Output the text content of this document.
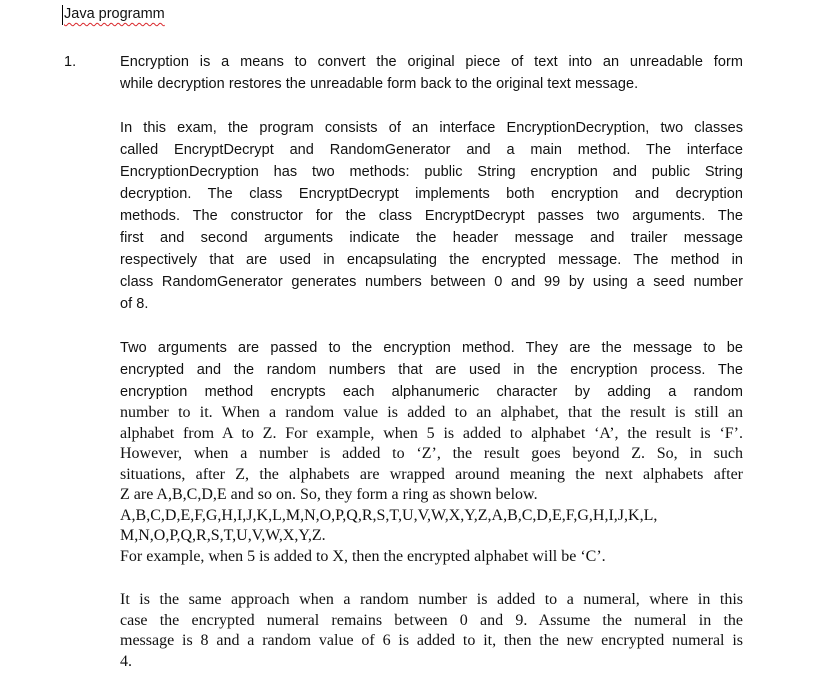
Java programm
1.	Encryption is a means to convert the original piece of text into an unreadable form
while decryption restores the unreadable form back to the original text message.
In this exam, the program consists of an interface EncryptionDecryption, two classes
called EncryptDecrypt and RandomGenerator and a main method. The interface
EncryptionDecryption has two methods: public String encryption and public String
decryption. The class EncryptDecrypt implements both encryption and decryption
methods. The constructor for the class EncryptDecrypt passes two arguments. The
first and second arguments indicate the header message and trailer message
respectively that are used in encapsulating the encrypted message. The method in
class RandomGenerator generates numbers between 0 and 99 by using a seed number
of 8.
Two arguments are passed to the encryption method. They are the message to be
encrypted and the random numbers that are used in the encryption process. The
encryption method encrypts each alphanumeric character by adding a random
number to it. When a random value is added to an alphabet, that the result is still an
alphabet from A to Z. For example, when 5 is added to alphabet ‘A’, the result is ‘F’.
However, when a number is added to ‘Z’, the result goes beyond Z. So, in such
situations, after Z, the alphabets are wrapped around meaning the next alphabets after
Z are A,B,C,D,E and so on. So, they form a ring as shown below.
A,B,C,D,E,F,G,H,I,J,K,L,M,N,O,P,Q,R,S,T,U,V,W,X,Y,Z,A,B,C,D,E,F,G,H,I,J,K,L,
M,N,O,P,Q,R,S,T,U,V,W,X,Y,Z.
For example, when 5 is added to X, then the encrypted alphabet will be ‘C’.
It is the same approach when a random number is added to a numeral, where in this
case the encrypted numeral remains between 0 and 9. Assume the numeral in the
message is 8 and a random value of 6 is added to it, then the new encrypted numeral is
4.
